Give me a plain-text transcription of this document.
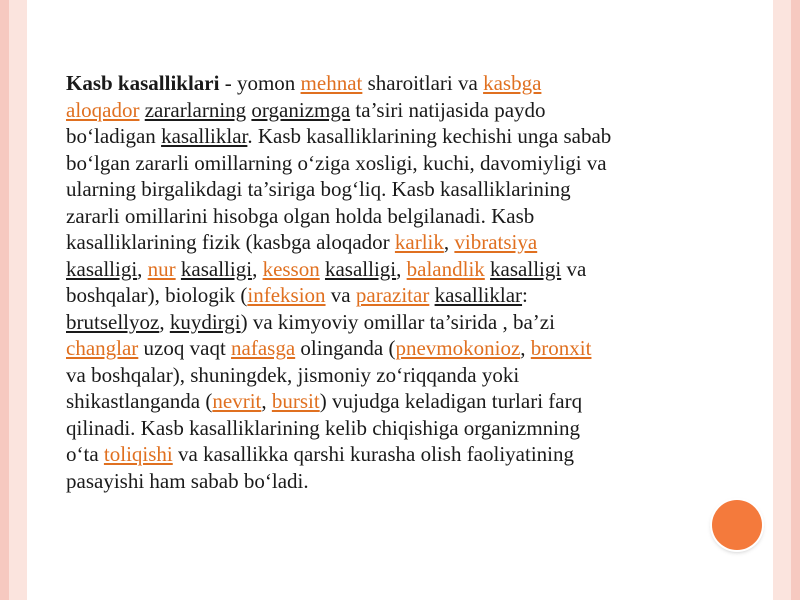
Kasb kasalliklari - yomon mehnat sharoitlari va kasbga
aloqador zararlarning organizmga ta’siri natijasida paydo
bo‘ladigan kasalliklar. Kasb kasalliklarining kechishi unga sabab
bo‘lgan zararli omillarning o‘ziga xosligi, kuchi, davomiyligi va
ularning birgalikdagi ta’siriga bog‘liq. Kasb kasalliklarining
zararli omillarini hisobga olgan holda belgilanadi. Kasb
kasalliklarining fizik (kasbga aloqador karlik, vibratsiya
kasalligi, nur kasalligi, kesson kasalligi, balandlik kasalligi va
boshqalar), biologik (infeksion va parazitar kasalliklar:
brutsellyoz, kuydirgi) va kimyoviy omillar ta’sirida , ba’zi
changlar uzoq vaqt nafasga olinganda (pnevmokonioz, bronxit
va boshqalar), shuningdek, jismoniy zo‘riqqanda yoki
shikastlanganda (nevrit, bursit) vujudga keladigan turlari farq
qilinadi. Kasb kasalliklarining kelib chiqishiga organizmning
o‘ta toliqishi va kasallikka qarshi kurasha olish faoliyatining
pasayishi ham sabab bo‘ladi.
